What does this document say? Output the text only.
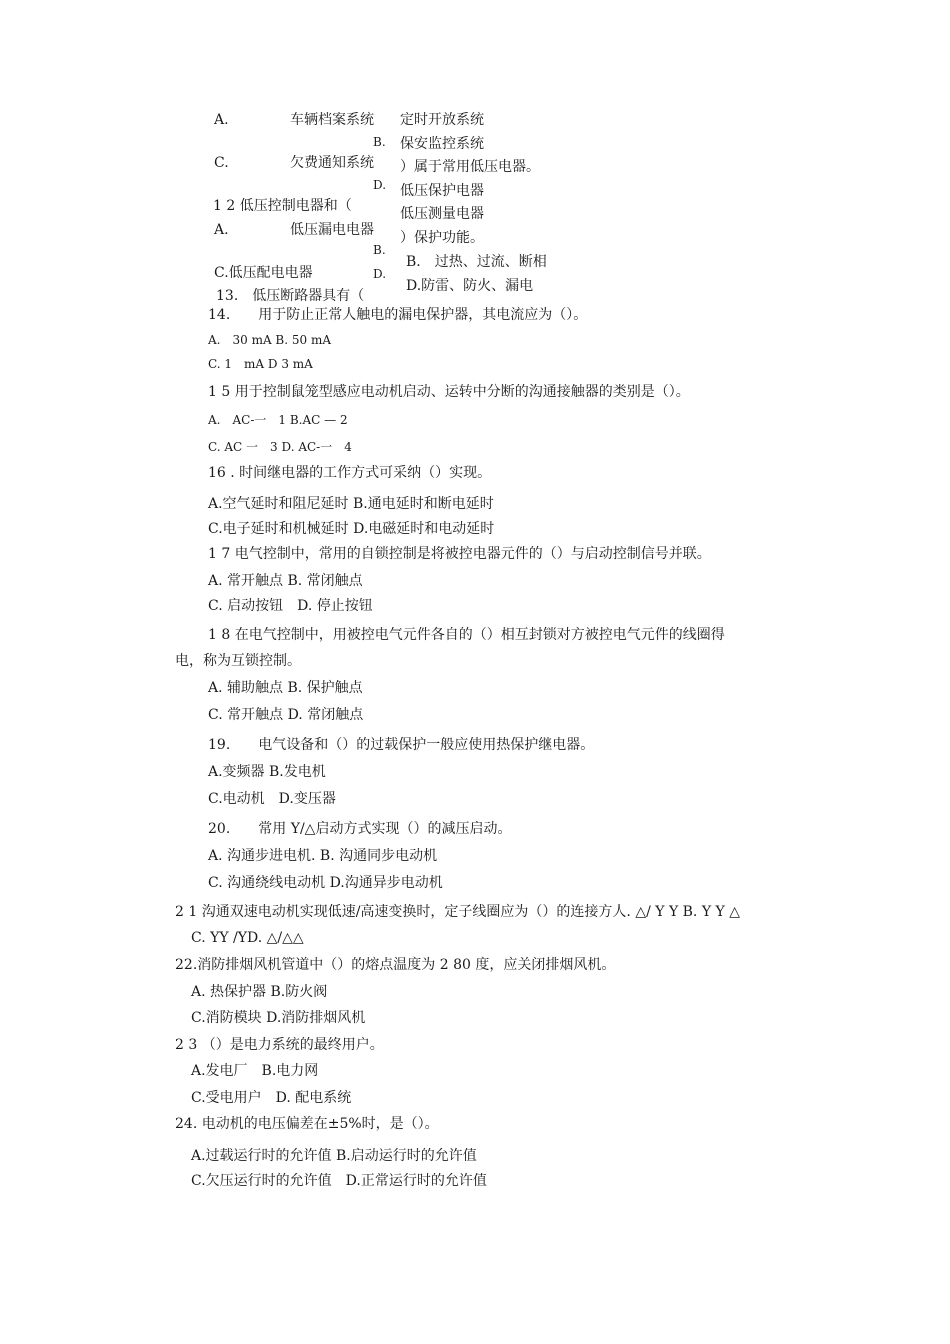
A.	车辆档案系统 定时开放系统
B. 保安监控系统
C.	欠费通知系统 ）属于常用低压电器。
D. 低压保护电器
1 2 低压控制电器和（	低压测量电器
A.	低压漏电电器 ）保护功能。
B.
B.　过热、过流、断相
C.低压配电电器	D.
D.防雷、防火、漏电
13.　低压断路器具有（
14.　　用于防止正常人触电的漏电保护器，其电流应为（）。
A.　30 mA B. 50 mA
C. 1　mA D 3 mA
1 5 用于控制鼠笼型感应电动机启动、运转中分断的沟通接触器的类别是（）。
A.　AC-一　1 B.AC — 2
C. AC 一　3 D. AC-一　4
16 . 时间继电器的工作方式可采纳（）实现。
A.空气延时和阻尼延时 B.通电延时和断电延时
C.电子延时和机械延时 D.电磁延时和电动延时
1 7 电气控制中，常用的自锁控制是将被控电器元件的（）与启动控制信号并联。
A. 常开触点 B. 常闭触点
C. 启动按钮　D. 停止按钮
1 8 在电气控制中，用被控电气元件各自的（）相互封锁对方被控电气元件的线圈得
电，称为互锁控制。
A. 辅助触点 B. 保护触点
C. 常开触点 D. 常闭触点
19.　　电气设备和（）的过载保护一般应使用热保护继电器。
A.变频器 B.发电机
C.电动机　D.变压器
20.　　常用 Y/△启动方式实现（）的减压启动。
A. 沟通步进电机. B. 沟通同步电动机
C. 沟通绕线电动机 D.沟通异步电动机
2 1 沟通双速电动机实现低速/高速变换时，定子线圈应为（）的连接方人. △/ Y Y B. Y Y △
C. YY /YD. △/△△
22.消防排烟风机管道中（）的熔点温度为 2 80 度，应关闭排烟风机。
A. 热保护器 B.防火阀
C.消防模块 D.消防排烟风机
2 3 （）是电力系统的最终用户。
A.发电厂　B.电力网
C.受电用户　D. 配电系统
24. 电动机的电压偏差在±5%时，是（）。
A.过载运行时的允许值 B.启动运行时的允许值
C.欠压运行时的允许值　D.正常运行时的允许值
